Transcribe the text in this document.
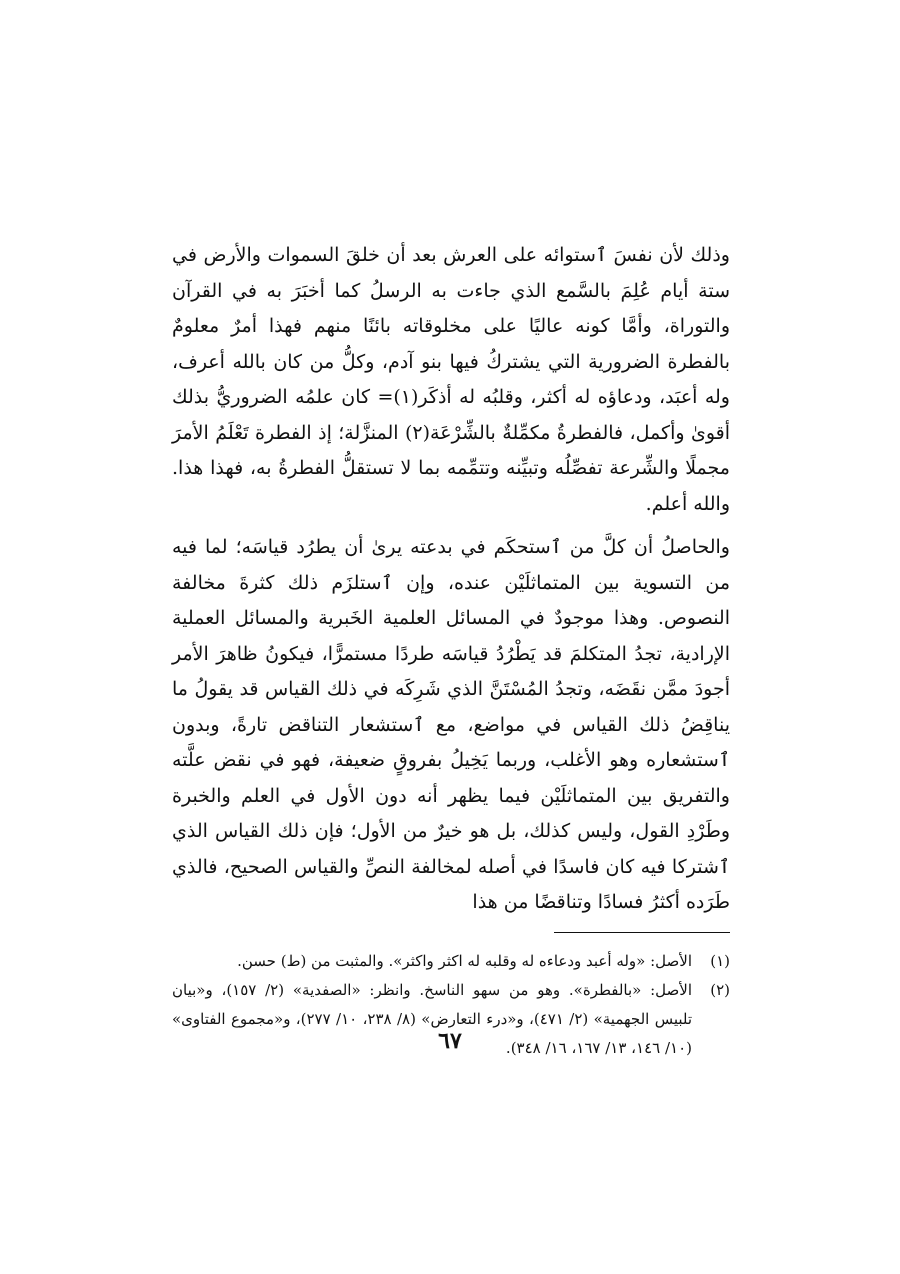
وذلك لأن نفسَ ٱستوائه على العرش بعد أن خلقَ السموات والأرض في ستة أيام عُلِمَ بالسَّمع الذي جاءت به الرسلُ كما أخبَرَ به في القرآن والتوراة، وأمَّا كونه عاليًا على مخلوقاته بائنًا منهم فهذا أمرٌ معلومٌ بالفطرة الضرورية التي يشتركُ فيها بنو آدم، وكلُّ من كان بالله أعرف، وله أعبَد، ودعاؤه له أكثر، وقلبُه له أذكَر(١)= كان علمُه الضروريُّ بذلك أقوىٰ وأكمل، فالفطرةُ مكمِّلةٌ بالشِّرْعَة(٢) المنزَّلة؛ إذ الفطرة تَعْلَمُ الأمرَ مجملًا والشِّرعة تفصِّلُه وتبيِّنه وتتمِّمه بما لا تستقلُّ الفطرةُ به، فهذا هذا. والله أعلم.

والحاصلُ أن كلَّ من ٱستحكَم في بدعته يرىٰ أن يطرُد قياسَه؛ لما فيه من التسوية بين المتماثلَيْن عنده، وإن ٱستلزَم ذلك كثرةَ مخالفة النصوص. وهذا موجودٌ في المسائل العلمية الخَبرية والمسائل العملية الإرادية، تجدُ المتكلمَ قد يَطْرُدُ قياسَه طردًا مستمرًّا، فيكونُ ظاهرَ الأمر أجودَ ممَّن نقَضَه، وتجدُ المُسْتَنَّ الذي شَرِكَه في ذلك القياس قد يقولُ ما يناقِضُ ذلك القياس في مواضع، مع ٱستشعار التناقض تارةً، وبدون ٱستشعاره وهو الأغلب، وربما يَخِيلُ بفروقٍ ضعيفة، فهو في نقض علَّته والتفريق بين المتماثلَيْن فيما يظهر أنه دون الأول في العلم والخبرة وطَرْدِ القول، وليس كذلك، بل هو خيرٌ من الأول؛ فإن ذلك القياس الذي ٱشتركا فيه كان فاسدًا في أصله لمخالفة النصِّ والقياس الصحيح، فالذي طَرَده أكثرُ فسادًا وتناقضًا من هذا

(١)
الأصل: «وله أعبد ودعاءه له وقلبه له اكثر واكثر». والمثبت من (ط) حسن.
(٢)
الأصل: «بالفطرة». وهو من سهو الناسخ. وانظر: «الصفدية» (٢/ ١٥٧)، و«بيان تلبيس الجهمية» (٢/ ٤٧١)، و«درء التعارض» (٨/ ٢٣٨، ١٠/ ٢٧٧)، و«مجموع الفتاوى» (١٠/ ١٤٦، ١٣/ ١٦٧، ١٦/ ٣٤٨).
٦٧
